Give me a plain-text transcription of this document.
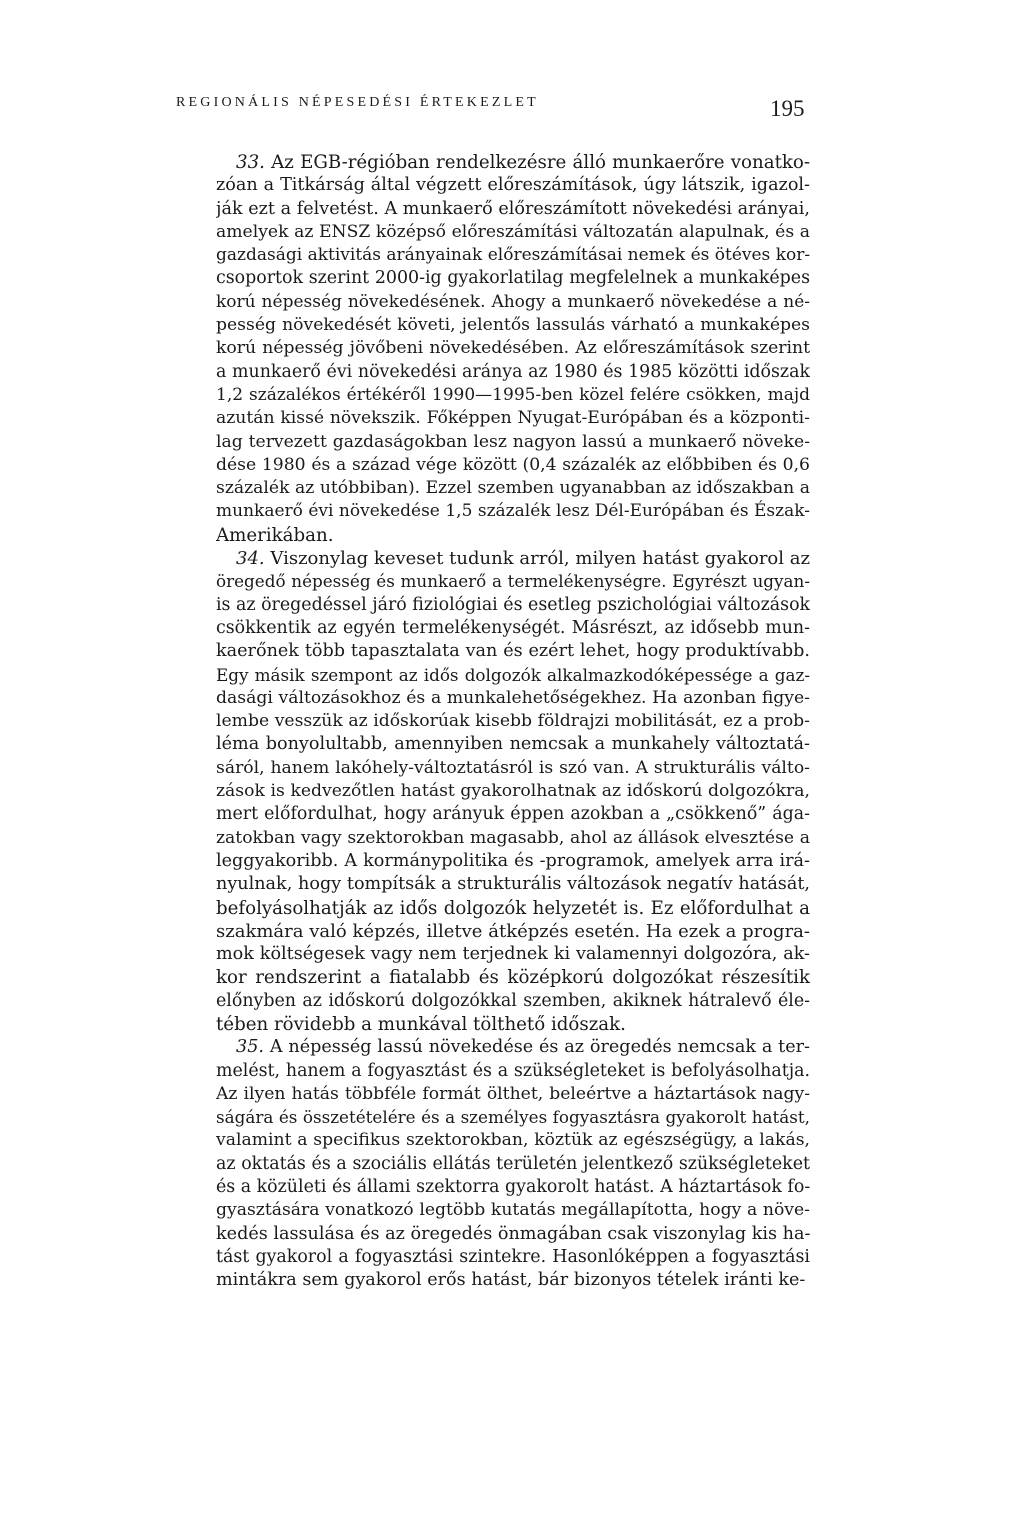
REGIONÁLIS NÉPESEDÉSI ÉRTEKEZLET	195
33. Az EGB-régióban rendelkezésre álló munkaerőre vonatko-
zóan a Titkárság által végzett előreszámítások, úgy látszik, igazol-
ják ezt a felvetést. A munkaerő előreszámított növekedési arányai,
amelyek az ENSZ középső előreszámítási változatán alapulnak, és a
gazdasági aktivitás arányainak előreszámításai nemek és ötéves kor-
csoportok szerint 2000-ig gyakorlatilag megfelelnek a munkaképes
korú népesség növekedésének. Ahogy a munkaerő növekedése a né-
pesség növekedését követi, jelentős lassulás várható a munkaképes
korú népesség jövőbeni növekedésében. Az előreszámítások szerint
a munkaerő évi növekedési aránya az 1980 és 1985 közötti időszak
1,2 százalékos értékéről 1990—1995-ben közel felére csökken, majd
azután kissé növekszik. Főképpen Nyugat-Európában és a központi-
lag tervezett gazdaságokban lesz nagyon lassú a munkaerő növeke-
dése 1980 és a század vége között (0,4 százalék az előbbiben és 0,6
százalék az utóbbiban). Ezzel szemben ugyanabban az időszakban a
munkaerő évi növekedése 1,5 százalék lesz Dél-Európában és Észak-
Amerikában.
34. Viszonylag keveset tudunk arról, milyen hatást gyakorol az
öregedő népesség és munkaerő a termelékenységre. Egyrészt ugyan-
is az öregedéssel járó fiziológiai és esetleg pszichológiai változások
csökkentik az egyén termelékenységét. Másrészt, az idősebb mun-
kaerőnek több tapasztalata van és ezért lehet, hogy produktívabb.
Egy másik szempont az idős dolgozók alkalmazkodóképessége a gaz-
dasági változásokhoz és a munkalehetőségekhez. Ha azonban figye-
lembe vesszük az időskorúak kisebb földrajzi mobilitását, ez a prob-
léma bonyolultabb, amennyiben nemcsak a munkahely változtatá-
sáról, hanem lakóhely-változtatásról is szó van. A strukturális válto-
zások is kedvezőtlen hatást gyakorolhatnak az időskorú dolgozókra,
mert előfordulhat, hogy arányuk éppen azokban a „csökkenő” ága-
zatokban vagy szektorokban magasabb, ahol az állások elvesztése a
leggyakoribb. A kormánypolitika és -programok, amelyek arra irá-
nyulnak, hogy tompítsák a strukturális változások negatív hatását,
befolyásolhatják az idős dolgozók helyzetét is. Ez előfordulhat a
szakmára való képzés, illetve átképzés esetén. Ha ezek a progra-
mok költségesek vagy nem terjednek ki valamennyi dolgozóra, ak-
kor rendszerint a fiatalabb és középkorú dolgozókat részesítik
előnyben az időskorú dolgozókkal szemben, akiknek hátralevő éle-
tében rövidebb a munkával tölthető időszak.
35. A népesség lassú növekedése és az öregedés nemcsak a ter-
melést, hanem a fogyasztást és a szükségleteket is befolyásolhatja.
Az ilyen hatás többféle formát ölthet, beleértve a háztartások nagy-
ságára és összetételére és a személyes fogyasztásra gyakorolt hatást,
valamint a specifikus szektorokban, köztük az egészségügy, a lakás,
az oktatás és a szociális ellátás területén jelentkező szükségleteket
és a közületi és állami szektorra gyakorolt hatást. A háztartások fo-
gyasztására vonatkozó legtöbb kutatás megállapította, hogy a növe-
kedés lassulása és az öregedés önmagában csak viszonylag kis ha-
tást gyakorol a fogyasztási szintekre. Hasonlóképpen a fogyasztási
mintákra sem gyakorol erős hatást, bár bizonyos tételek iránti ke-
